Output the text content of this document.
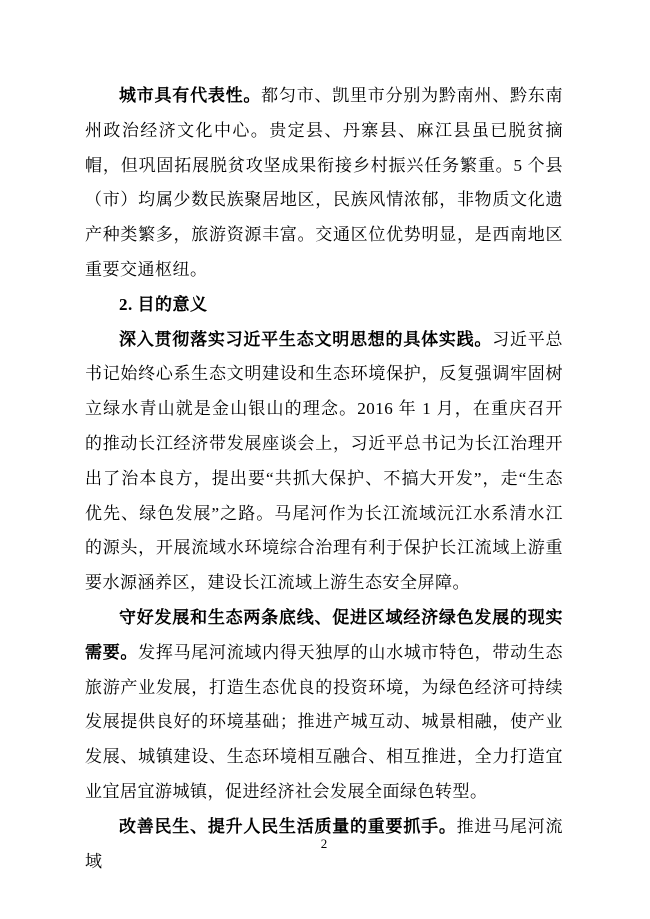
城市具有代表性。都匀市、凯里市分别为黔南州、黔东南州政治经济文化中心。贵定县、丹寨县、麻江县虽已脱贫摘帽，但巩固拓展脱贫攻坚成果衔接乡村振兴任务繁重。5 个县（市）均属少数民族聚居地区，民族风情浓郁，非物质文化遗产种类繁多，旅游资源丰富。交通区位优势明显，是西南地区重要交通枢纽。

2. 目的意义

深入贯彻落实习近平生态文明思想的具体实践。习近平总书记始终心系生态文明建设和生态环境保护，反复强调牢固树立绿水青山就是金山银山的理念。2016 年 1 月，在重庆召开的推动长江经济带发展座谈会上，习近平总书记为长江治理开出了治本良方，提出要“共抓大保护、不搞大开发”，走“生态优先、绿色发展”之路。马尾河作为长江流域沅江水系清水江的源头，开展流域水环境综合治理有利于保护长江流域上游重要水源涵养区，建设长江流域上游生态安全屏障。

守好发展和生态两条底线、促进区域经济绿色发展的现实需要。发挥马尾河流域内得天独厚的山水城市特色，带动生态旅游产业发展，打造生态优良的投资环境，为绿色经济可持续发展提供良好的环境基础；推进产城互动、城景相融，使产业发展、城镇建设、生态环境相互融合、相互推进，全力打造宜业宜居宜游城镇，促进经济社会发展全面绿色转型。

改善民生、提升人民生活质量的重要抓手。推进马尾河流域

2
